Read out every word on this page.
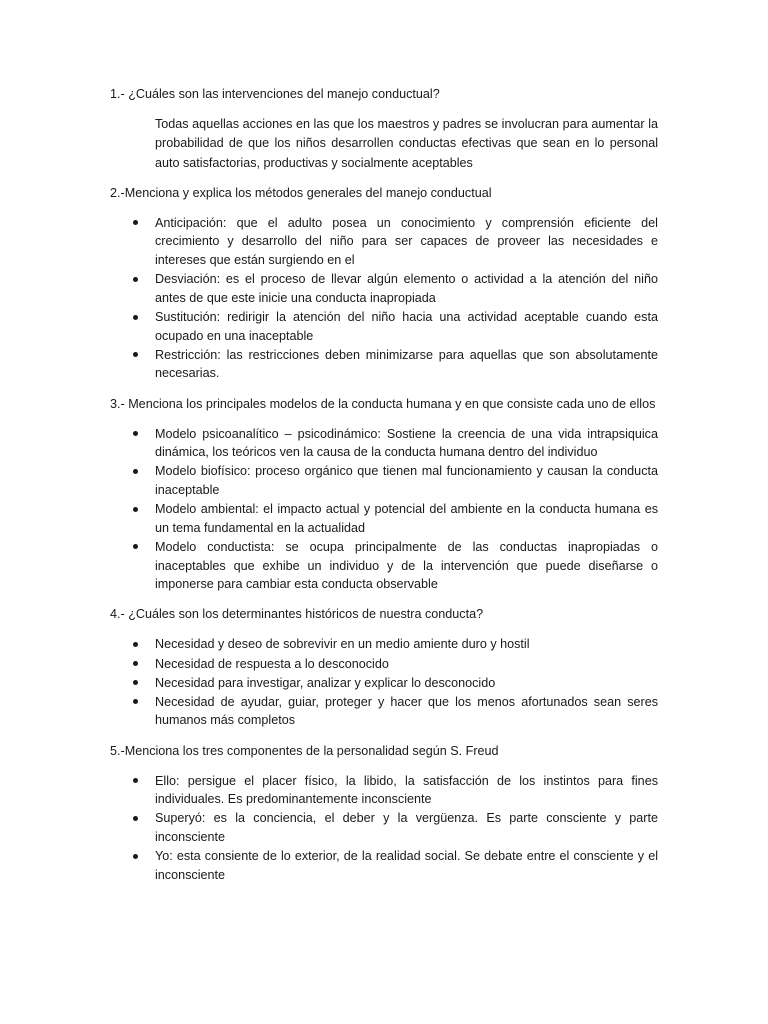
1.- ¿Cuáles son las intervenciones del manejo conductual?
Todas aquellas acciones en las que los maestros y padres se involucran para aumentar la probabilidad de que los niños desarrollen conductas efectivas que sean en lo personal auto satisfactorias, productivas y socialmente aceptables
2.-Menciona y explica los métodos generales del manejo conductual
Anticipación: que el adulto posea un conocimiento y comprensión eficiente del crecimiento y desarrollo del niño para ser capaces de proveer las necesidades e intereses que están surgiendo en el
Desviación: es el proceso de llevar algún elemento o actividad a la atención del niño antes de que este inicie una conducta inapropiada
Sustitución: redirigir la atención del niño hacia una actividad aceptable cuando esta ocupado en una inaceptable
Restricción: las restricciones deben minimizarse para aquellas que son absolutamente necesarias.
3.- Menciona los principales modelos de la conducta humana y en que consiste cada uno de ellos
Modelo psicoanalítico – psicodinámico: Sostiene la creencia de una vida intrapsiquica dinámica, los teóricos ven la causa de la conducta humana dentro del individuo
Modelo biofísico: proceso orgánico que tienen mal funcionamiento y causan la conducta inaceptable
Modelo ambiental: el impacto actual y potencial del ambiente en la conducta humana es un tema fundamental en la actualidad
Modelo conductista: se ocupa principalmente de las conductas inapropiadas o inaceptables que exhibe un individuo y de la intervención que puede diseñarse o imponerse para cambiar esta conducta observable
4.- ¿Cuáles son los determinantes históricos de nuestra conducta?
Necesidad y deseo de sobrevivir en un medio amiente duro y hostil
Necesidad de respuesta a lo desconocido
Necesidad para investigar, analizar y explicar lo desconocido
Necesidad de ayudar, guiar, proteger y hacer que los menos afortunados sean seres humanos más completos
5.-Menciona los tres componentes de la personalidad según S. Freud
Ello: persigue el placer físico, la libido, la satisfacción de los instintos para fines individuales. Es predominantemente inconsciente
Superyó: es la conciencia, el deber y la vergüenza. Es parte consciente y parte inconsciente
Yo: esta consiente de lo exterior, de la realidad social. Se debate entre el consciente y el inconsciente
